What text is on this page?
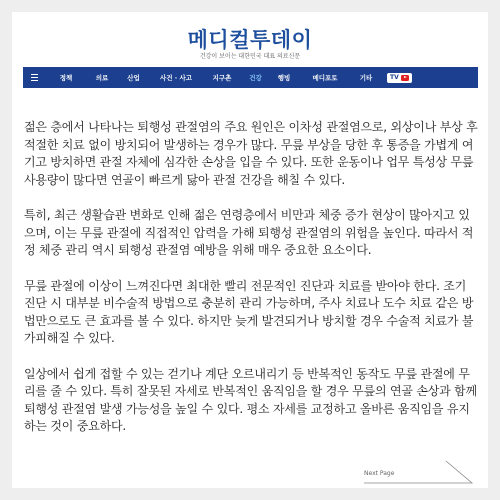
메디컬투데이
건강이 보이는 대한민국 대표 의료신문
정책	의료	산업	사건 · 사고	지구촌	건강	행빙	메디포토	기타	TV

젊은 층에서 나타나는 퇴행성 관절염의 주요 원인은 이차성 관절염으로, 외상이나 부상 후 적절한 치료 없이 방치되어 발생하는 경우가 많다. 무릎 부상을 당한 후 통증을 가볍게 여기고 방치하면 관절 자체에 심각한 손상을 입을 수 있다. 또한 운동이나 업무 특성상 무릎 사용량이 많다면 연골이 빠르게 닳아 관절 건강을 해칠 수 있다.

특히, 최근 생활습관 변화로 인해 젊은 연령층에서 비만과 체중 증가 현상이 많아지고 있으며, 이는 무릎 관절에 직접적인 압력을 가해 퇴행성 관절염의 위험을 높인다. 따라서 적정 체중 관리 역시 퇴행성 관절염 예방을 위해 매우 중요한 요소이다.

무릎 관절에 이상이 느껴진다면 최대한 빨리 전문적인 진단과 치료를 받아야 한다. 조기 진단 시 대부분 비수술적 방법으로 충분히 관리 가능하며, 주사 치료나 도수 치료 같은 방법만으로도 큰 효과를 볼 수 있다. 하지만 늦게 발견되거나 방치할 경우 수술적 치료가 불가피해질 수 있다.

일상에서 쉽게 접할 수 있는 걷기나 계단 오르내리기 등 반복적인 동작도 무릎 관절에 무리를 줄 수 있다. 특히 잘못된 자세로 반복적인 움직임을 할 경우 무릎의 연골 손상과 함께 퇴행성 관절염 발생 가능성을 높일 수 있다. 평소 자세를 교정하고 올바른 움직임을 유지하는 것이 중요하다.

Next Page
